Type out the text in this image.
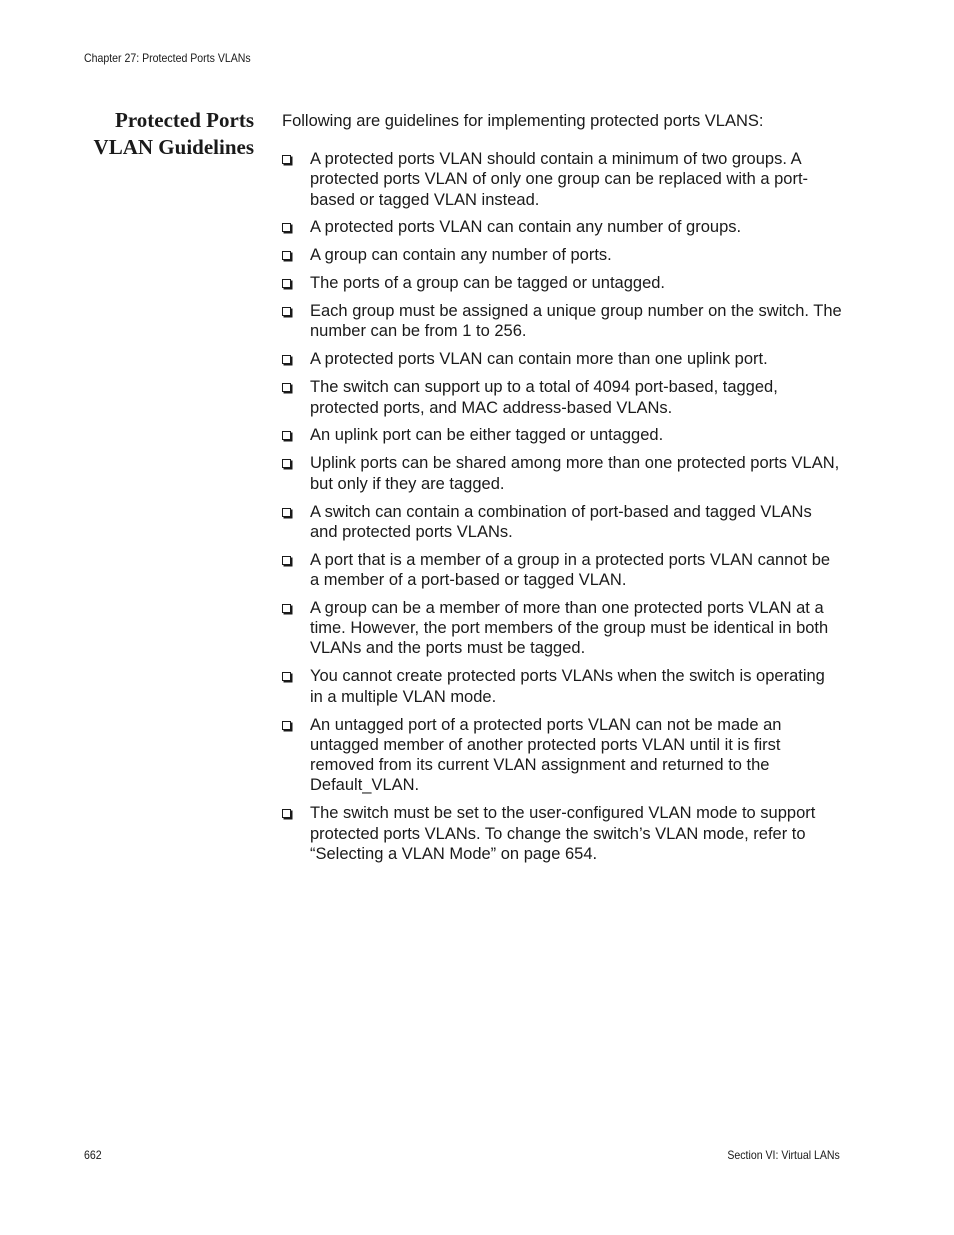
Chapter 27: Protected Ports VLANs
Protected Ports
VLAN Guidelines
Following are guidelines for implementing protected ports VLANS:
A protected ports VLAN should contain a minimum of two groups. A protected ports VLAN of only one group can be replaced with a port-based or tagged VLAN instead.
A protected ports VLAN can contain any number of groups.
A group can contain any number of ports.
The ports of a group can be tagged or untagged.
Each group must be assigned a unique group number on the switch. The number can be from 1 to 256.
A protected ports VLAN can contain more than one uplink port.
The switch can support up to a total of 4094 port-based, tagged, protected ports, and MAC address-based VLANs.
An uplink port can be either tagged or untagged.
Uplink ports can be shared among more than one protected ports VLAN, but only if they are tagged.
A switch can contain a combination of port-based and tagged VLANs and protected ports VLANs.
A port that is a member of a group in a protected ports VLAN cannot be a member of a port-based or tagged VLAN.
A group can be a member of more than one protected ports VLAN at a time. However, the port members of the group must be identical in both VLANs and the ports must be tagged.
You cannot create protected ports VLANs when the switch is operating in a multiple VLAN mode.
An untagged port of a protected ports VLAN can not be made an untagged member of another protected ports VLAN until it is first removed from its current VLAN assignment and returned to the Default_VLAN.
The switch must be set to the user-configured VLAN mode to support protected ports VLANs. To change the switch’s VLAN mode, refer to “Selecting a VLAN Mode” on page 654.
662	Section VI: Virtual LANs
